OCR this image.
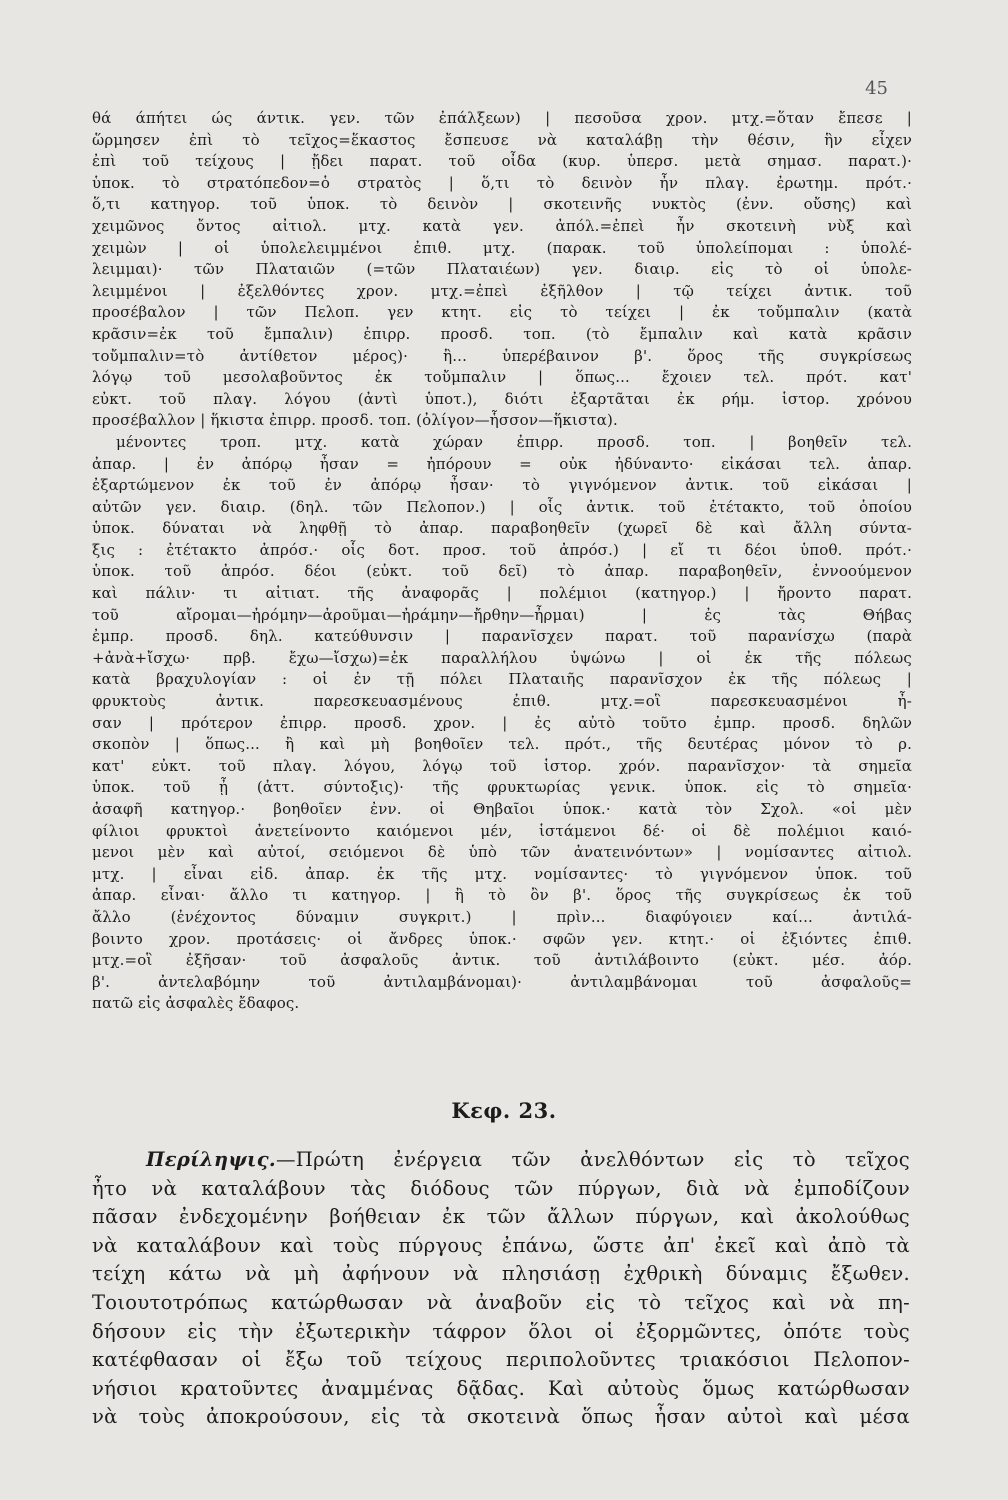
45
θά άπήτει ώς άντικ. γεν. τῶν ἐπάλξεων) | πεσοῦσα χρον. μτχ.=ὅταν ἔπεσε |
ὥρμησεν ἐπὶ τὸ τεῖχος=ἕκαστος ἔσπευσε νὰ καταλάβῃ τὴν θέσιν, ἣν εἶχεν
ἐπὶ τοῦ τείχους | ᾔδει παρατ. τοῦ οἶδα (κυρ. ὑπερσ. μετὰ σημασ. παρατ.)·
ὑποκ. τὸ στρατόπεδον=ὁ στρατὸς | ὅ,τι τὸ δεινὸν ἦν πλαγ. ἐρωτημ. πρότ.·
ὅ,τι κατηγορ. τοῦ ὑποκ. τὸ δεινὸν | σκοτεινῆς νυκτὸς (ἐνν. οὔσης) καὶ
χειμῶνος ὄντος αἰτιολ. μτχ. κατὰ γεν. ἀπόλ.=ἐπεὶ ἦν σκοτεινὴ νὺξ καὶ
χειμὼν | οἱ ὑπολελειμμένοι ἐπιθ. μτχ. (παρακ. τοῦ ὑπολείπομαι : ὑπολέ-
λειμμαι)· τῶν Πλαταιῶν (=τῶν Πλαταιέων) γεν. διαιρ. εἰς τὸ οἱ ὑπολε-
λειμμένοι | ἐξελθόντες χρον. μτχ.=ἐπεὶ ἐξῆλθον | τῷ τείχει ἀντικ. τοῦ
προσέβαλον | τῶν Πελοπ. γεν κτητ. εἰς τὸ τείχει | ἐκ τοὔμπαλιν (κατὰ
κρᾶσιν=ἐκ τοῦ ἔμπαλιν) ἐπιρρ. προσδ. τοπ. (τὸ ἔμπαλιν καὶ κατὰ κρᾶσιν
τοὔμπαλιν=τὸ ἀντίθετον μέρος)· ἢ... ὑπερέβαινον β'. ὅρος τῆς συγκρίσεως
λόγῳ τοῦ μεσολαβοῦντος ἐκ τοὔμπαλιν | ὅπως... ἔχοιεν τελ. πρότ. κατ'
εὐκτ. τοῦ πλαγ. λόγου (ἀντὶ ὑποτ.), διότι ἐξαρτᾶται ἐκ ρήμ. ἱστορ. χρόνου
προσέβαλλον | ἥκιστα ἐπιρρ. προσδ. τοπ. (ὀλίγον—ἧσσον—ἥκιστα).
μένοντες τροπ. μτχ. κατὰ χώραν ἐπιρρ. προσδ. τοπ. | βοηθεῖν τελ.
ἀπαρ. | ἐν ἀπόρῳ ἦσαν = ἠπόρουν = οὐκ ἠδύναντο· εἰκάσαι τελ. ἀπαρ.
ἐξαρτώμενον ἐκ τοῦ ἐν ἀπόρῳ ἦσαν· τὸ γιγνόμενον ἀντικ. τοῦ εἰκάσαι |
αὐτῶν γεν. διαιρ. (δηλ. τῶν Πελοπον.) | οἷς ἀντικ. τοῦ ἐτέτακτο, τοῦ ὁποίου
ὑποκ. δύναται νὰ ληφθῇ τὸ ἀπαρ. παραβοηθεῖν (χωρεῖ δὲ καὶ ἄλλη σύντα-
ξις : ἐτέτακτο ἀπρόσ.· οἷς δοτ. προσ. τοῦ ἀπρόσ.) | εἴ τι δέοι ὑποθ. πρότ.·
ὑποκ. τοῦ ἀπρόσ. δέοι (εὐκτ. τοῦ δεῖ) τὸ ἀπαρ. παραβοηθεῖν, ἐννοούμενον
καὶ πάλιν· τι αἰτιατ. τῆς ἀναφορᾶς | πολέμιοι (κατηγορ.) | ἤροντο παρατ.
τοῦ αἴρομαι—ἠρόμην—ἀροῦμαι—ἠράμην—ἤρθην—ἦρμαι) | ἐς τὰς Θήβας
ἐμπρ. προσδ. δηλ. κατεύθυνσιν | παρανῖσχεν παρατ. τοῦ παρανίσχω (παρὰ
+ἀνὰ+ἴσχω· πρβ. ἔχω—ἴσχω)=ἐκ παραλλήλου ὑψώνω | οἱ ἐκ τῆς πόλεως
κατὰ βραχυλογίαν : οἱ ἐν τῇ πόλει Πλαταιῆς παρανῖσχον ἐκ τῆς πόλεως |
φρυκτοὺς ἀντικ. παρεσκευασμένους ἐπιθ. μτχ.=οἳ παρεσκευασμένοι ἦ-
σαν | πρότερον ἐπιρρ. προσδ. χρον. | ἐς αὐτὸ τοῦτο ἐμπρ. προσδ. δηλῶν
σκοπὸν | ὅπως... ἢ καὶ μὴ βοηθοῖεν τελ. πρότ., τῆς δευτέρας μόνον τὸ ρ.
κατ' εὐκτ. τοῦ πλαγ. λόγου, λόγῳ τοῦ ἱστορ. χρόν. παρανῖσχον· τὰ σημεῖα
ὑποκ. τοῦ ᾖ (ἀττ. σύντοξις)· τῆς φρυκτωρίας γενικ. ὑποκ. εἰς τὸ σημεῖα·
ἀσαφῆ κατηγορ.· βοηθοῖεν ἐνν. οἱ Θηβαῖοι ὑποκ.· κατὰ τὸν Σχολ. «οἱ μὲν
φίλιοι φρυκτοὶ ἀνετείνοντο καιόμενοι μέν, ἱστάμενοι δέ· οἱ δὲ πολέμιοι καιό-
μενοι μὲν καὶ αὐτοί, σειόμενοι δὲ ὑπὸ τῶν ἀνατεινόντων» | νομίσαντες αἰτιολ.
μτχ. | εἶναι εἰδ. ἀπαρ. ἐκ τῆς μτχ. νομίσαντες· τὸ γιγνόμενον ὑποκ. τοῦ
ἀπαρ. εἶναι· ἄλλο τι κατηγορ. | ἢ τὸ ὂν β'. ὅρος τῆς συγκρίσεως ἐκ τοῦ
ἄλλο (ἐνέχοντος δύναμιν συγκριτ.) | πρὶν... διαφύγοιεν καί... ἀντιλά-
βοιντο χρον. προτάσεις· οἱ ἄνδρες ὑποκ.· σφῶν γεν. κτητ.· οἱ ἐξιόντες ἐπιθ.
μτχ.=οἳ ἐξῆσαν· τοῦ ἀσφαλοῦς ἀντικ. τοῦ ἀντιλάβοιντο (εὐκτ. μέσ. ἀόρ.
β'. ἀντελαβόμην τοῦ ἀντιλαμβάνομαι)· ἀντιλαμβάνομαι τοῦ ἀσφαλοῦς=
πατῶ εἰς ἀσφαλὲς ἔδαφος.
Κεφ. 23.
Περίληψις.—Πρώτη ἐνέργεια τῶν ἀνελθόντων εἰς τὸ τεῖχος
ἦτο νὰ καταλάβουν τὰς διόδους τῶν πύργων, διὰ νὰ ἐμποδίζουν
πᾶσαν ἐνδεχομένην βοήθειαν ἐκ τῶν ἄλλων πύργων, καὶ ἀκολούθως
νὰ καταλάβουν καὶ τοὺς πύργους ἐπάνω, ὥστε ἀπ' ἐκεῖ καὶ ἀπὸ τὰ
τείχη κάτω νὰ μὴ ἀφήνουν νὰ πλησιάσῃ ἐχθρικὴ δύναμις ἔξωθεν.
Τοιουτοτρόπως κατώρθωσαν νὰ ἀναβοῦν εἰς τὸ τεῖχος καὶ νὰ πη-
δήσουν εἰς τὴν ἐξωτερικὴν τάφρον ὅλοι οἱ ἐξορμῶντες, ὁπότε τοὺς
κατέφθασαν οἱ ἔξω τοῦ τείχους περιπολοῦντες τριακόσιοι Πελοπον-
νήσιοι κρατοῦντες ἀναμμένας δᾷδας. Καὶ αὐτοὺς ὅμως κατώρθωσαν
νὰ τοὺς ἀποκρούσουν, εἰς τὰ σκοτεινὰ ὅπως ἦσαν αὐτοὶ καὶ μέσα
